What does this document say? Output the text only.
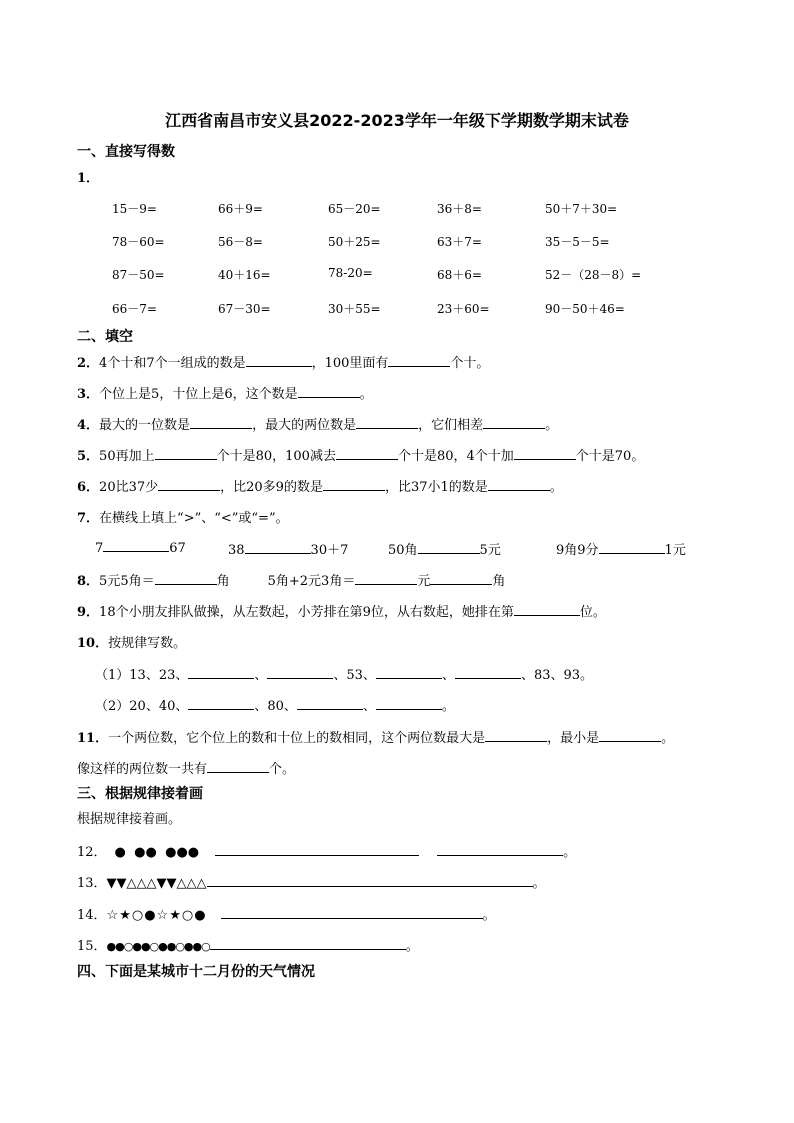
江西省南昌市安义县2022-2023学年一年级下学期数学期末试卷
一、直接写得数
1．
15－9=	66＋9=	65－20=	36＋8=	50＋7＋30=
78－60=	56－8=	50＋25=	63＋7=	35－5－5=
87－50=	40＋16=	78-20=	68＋6=	52－（28－8）=
66－7=	67－30=	30＋55=	23＋60=	90－50＋46=
二、填空
2．4个十和7个一组成的数是	，100里面有	个十。
3．个位上是5，十位上是6，这个数是	。
4．最大的一位数是	，最大的两位数是	，它们相差	。
5．50再加上	个十是80，100减去	个十是80，4个十加	个十是70。
6．20比37少	，比20多9的数是	，比37小1的数是	。
7．在横线上填上“>”、“<”或“=”。
7	67	38	30＋7	50角	5元	9角9分	1元
8．5元5角＝	角	5角+2元3角＝	元	角
9．18个小朋友排队做操，从左数起，小芳排在第9位，从右数起，她排在第	位。
10．按规律写数。
（1）13、23、	、	、53、	、	、83、93。
（2）20、40、	、80、	、	。
11．一个两位数，它个位上的数和十位上的数相同，这个两位数最大是	，最小是	。
像这样的两位数一共有	个。
三、根据规律接着画
根据规律接着画。
12． ●  ●●  ●●●	。
13．▼▼△△△▼▼△△△	。
14．☆★○●☆★○●	。
15．●●○●●○●●○●●○	。
四、下面是某城市十二月份的天气情况
